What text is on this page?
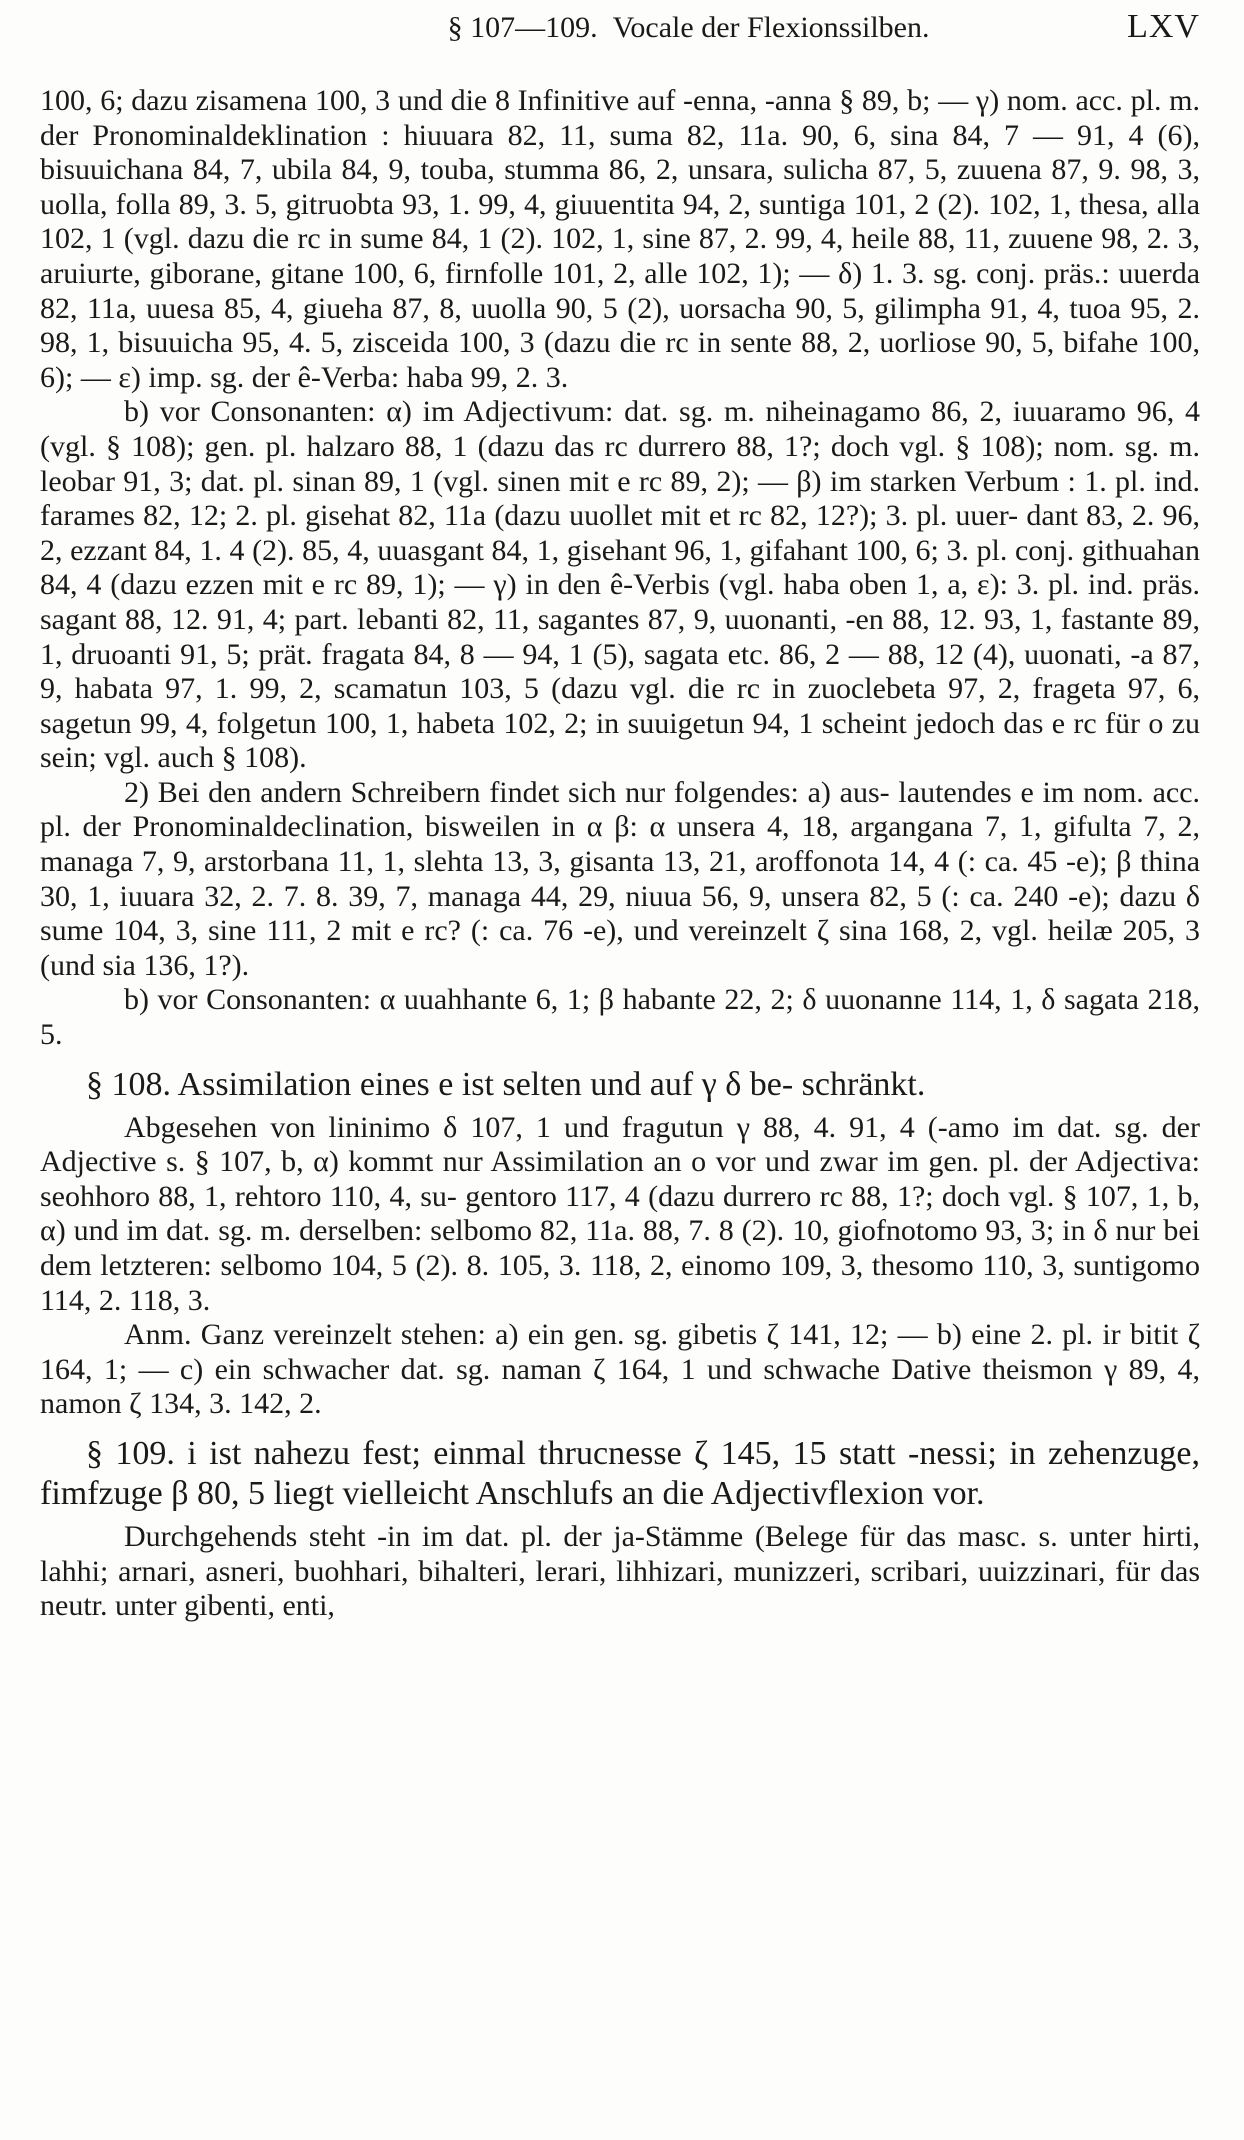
§ 107—109. Vocale der Flexionssilben.	LXV

100, 6; dazu zisamena 100, 3 und die 8 Infinitive auf -enna, -anna § 89, b; — γ) nom. acc. pl. m. der Pronominaldeklination : hiuuara 82, 11, suma 82, 11a. 90, 6, sina 84, 7 — 91, 4 (6), bisuuichana 84, 7, ubila 84, 9, touba, stumma 86, 2, unsara, sulicha 87, 5, zuuena 87, 9. 98, 3, uolla, folla 89, 3. 5, gitruobta 93, 1. 99, 4, giuuentita 94, 2, suntiga 101, 2 (2). 102, 1, thesa, alla 102, 1 (vgl. dazu die rc in sume 84, 1 (2). 102, 1, sine 87, 2. 99, 4, heile 88, 11, zuuene 98, 2. 3, aruiurte, giborane, gitane 100, 6, firnfolle 101, 2, alle 102, 1); — δ) 1. 3. sg. conj. präs.: uuerda 82, 11a, uuesa 85, 4, giueha 87, 8, uuolla 90, 5 (2), uorsacha 90, 5, gilimpha 91, 4, tuoa 95, 2. 98, 1, bisuuicha 95, 4. 5, zisceida 100, 3 (dazu die rc in sente 88, 2, uorliose 90, 5, bifahe 100, 6); — ε) imp. sg. der ê-Verba: haba 99, 2. 3.

b) vor Consonanten: α) im Adjectivum: dat. sg. m. niheinagamo 86, 2, iuuaramo 96, 4 (vgl. § 108); gen. pl. halzaro 88, 1 (dazu das rc durrero 88, 1?; doch vgl. § 108); nom. sg. m. leobar 91, 3; dat. pl. sinan 89, 1 (vgl. sinen mit e rc 89, 2); — β) im starken Verbum : 1. pl. ind. farames 82, 12; 2. pl. gisehat 82, 11a (dazu uuollet mit et rc 82, 12?); 3. pl. uuer- dant 83, 2. 96, 2, ezzant 84, 1. 4 (2). 85, 4, uuasgant 84, 1, gisehant 96, 1, gifahant 100, 6; 3. pl. conj. githuahan 84, 4 (dazu ezzen mit e rc 89, 1); — γ) in den ê-Verbis (vgl. haba oben 1, a, ε): 3. pl. ind. präs. sagant 88, 12. 91, 4; part. lebanti 82, 11, sagantes 87, 9, uuonanti, -en 88, 12. 93, 1, fastante 89, 1, druoanti 91, 5; prät. fragata 84, 8 — 94, 1 (5), sagata etc. 86, 2 — 88, 12 (4), uuonati, -a 87, 9, habata 97, 1. 99, 2, scamatun 103, 5 (dazu vgl. die rc in zuoclebeta 97, 2, frageta 97, 6, sagetun 99, 4, folgetun 100, 1, habeta 102, 2; in suuigetun 94, 1 scheint jedoch das e rc für o zu sein; vgl. auch § 108).

2) Bei den andern Schreibern findet sich nur folgendes: a) aus- lautendes e im nom. acc. pl. der Pronominaldeclination, bisweilen in α β: α unsera 4, 18, argangana 7, 1, gifulta 7, 2, managa 7, 9, arstorbana 11, 1, slehta 13, 3, gisanta 13, 21, aroffonota 14, 4 (: ca. 45 -e); β thina 30, 1, iuuara 32, 2. 7. 8. 39, 7, managa 44, 29, niuua 56, 9, unsera 82, 5 (: ca. 240 -e); dazu δ sume 104, 3, sine 111, 2 mit e rc? (: ca. 76 -e), und vereinzelt ζ sina 168, 2, vgl. heilæ 205, 3 (und sia 136, 1?).

b) vor Consonanten: α uuahhante 6, 1; β habante 22, 2; δ uuonanne 114, 1, δ sagata 218, 5.

§ 108. Assimilation eines e ist selten und auf γ δ be- schränkt.

Abgesehen von lininimo δ 107, 1 und fragutun γ 88, 4. 91, 4 (-amo im dat. sg. der Adjective s. § 107, b, α) kommt nur Assimilation an o vor und zwar im gen. pl. der Adjectiva: seohhoro 88, 1, rehtoro 110, 4, su- gentoro 117, 4 (dazu durrero rc 88, 1?; doch vgl. § 107, 1, b, α) und im dat. sg. m. derselben: selbomo 82, 11a. 88, 7. 8 (2). 10, giofnotomo 93, 3; in δ nur bei dem letzteren: selbomo 104, 5 (2). 8. 105, 3. 118, 2, einomo 109, 3, thesomo 110, 3, suntigomo 114, 2. 118, 3.

Anm. Ganz vereinzelt stehen: a) ein gen. sg. gibetis ζ 141, 12; — b) eine 2. pl. ir bitit ζ 164, 1; — c) ein schwacher dat. sg. naman ζ 164, 1 und schwache Dative theismon γ 89, 4, namon ζ 134, 3. 142, 2.

§ 109. i ist nahezu fest; einmal thrucnesse ζ 145, 15 statt -nessi; in zehenzuge, fimfzuge β 80, 5 liegt vielleicht Anschlufs an die Adjectivflexion vor.

Durchgehends steht -in im dat. pl. der ja-Stämme (Belege für das masc. s. unter hirti, lahhi; arnari, asneri, buohhari, bihalteri, lerari, lihhizari, munizzeri, scribari, uuizzinari, für das neutr. unter gibenti, enti,
